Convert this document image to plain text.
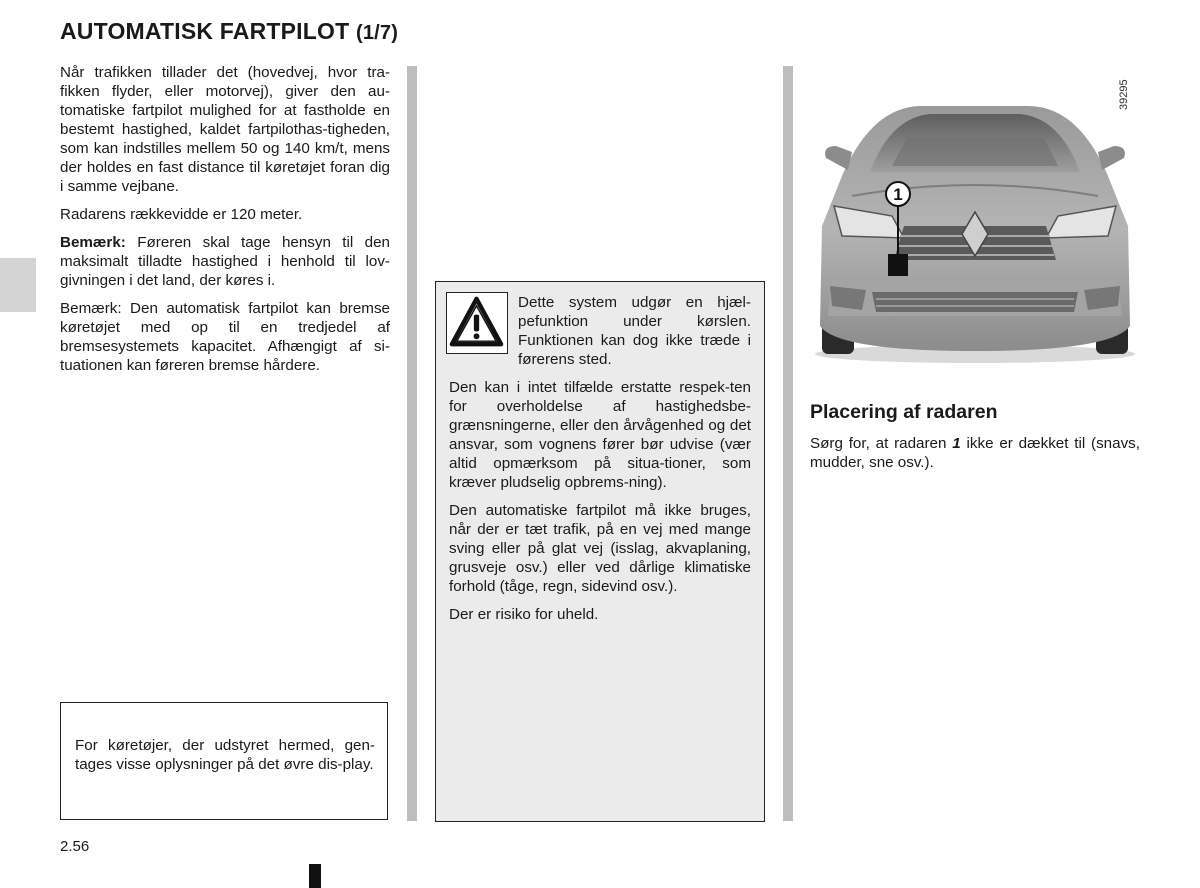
AUTOMATISK FARTPILOT (1/7)

Når trafikken tillader det (hovedvej, hvor tra-fikken flyder, eller motorvej), giver den au-tomatiske fartpilot mulighed for at fastholde en bestemt hastighed, kaldet fartpilothas-tigheden, som kan indstilles mellem 50 og 140 km/t, mens der holdes en fast distance til køretøjet foran dig i samme vejbane.

Radarens rækkevidde er 120 meter.

Bemærk: Føreren skal tage hensyn til den maksimalt tilladte hastighed i henhold til lov-givningen i det land, der køres i.

Bemærk: Den automatisk fartpilot kan bremse køretøjet med op til en tredjedel af bremsesystemets kapacitet. Afhængigt af si-tuationen kan føreren bremse hårdere.

For køretøjer, der udstyret hermed, gen-tages visse oplysninger på det øvre dis-play.
Dette system udgør en hjæl-pefunktion under kørslen. Funktionen kan dog ikke træde i førerens sted.

Den kan i intet tilfælde erstatte respek-ten for overholdelse af hastighedsbe-grænsningerne, eller den årvågenhed og det ansvar, som vognens fører bør udvise (vær altid opmærksom på situa-tioner, som kræver pludselig opbrems-ning).

Den automatiske fartpilot må ikke bruges, når der er tæt trafik, på en vej med mange sving eller på glat vej (isslag, akvaplaning, grusveje osv.) eller ved dårlige klimatiske forhold (tåge, regn, sidevind osv.).

Der er risiko for uheld.

1
39295
Placering af radaren
Sørg for, at radaren 1 ikke er dækket til (snavs, mudder, sne osv.).
2.56
